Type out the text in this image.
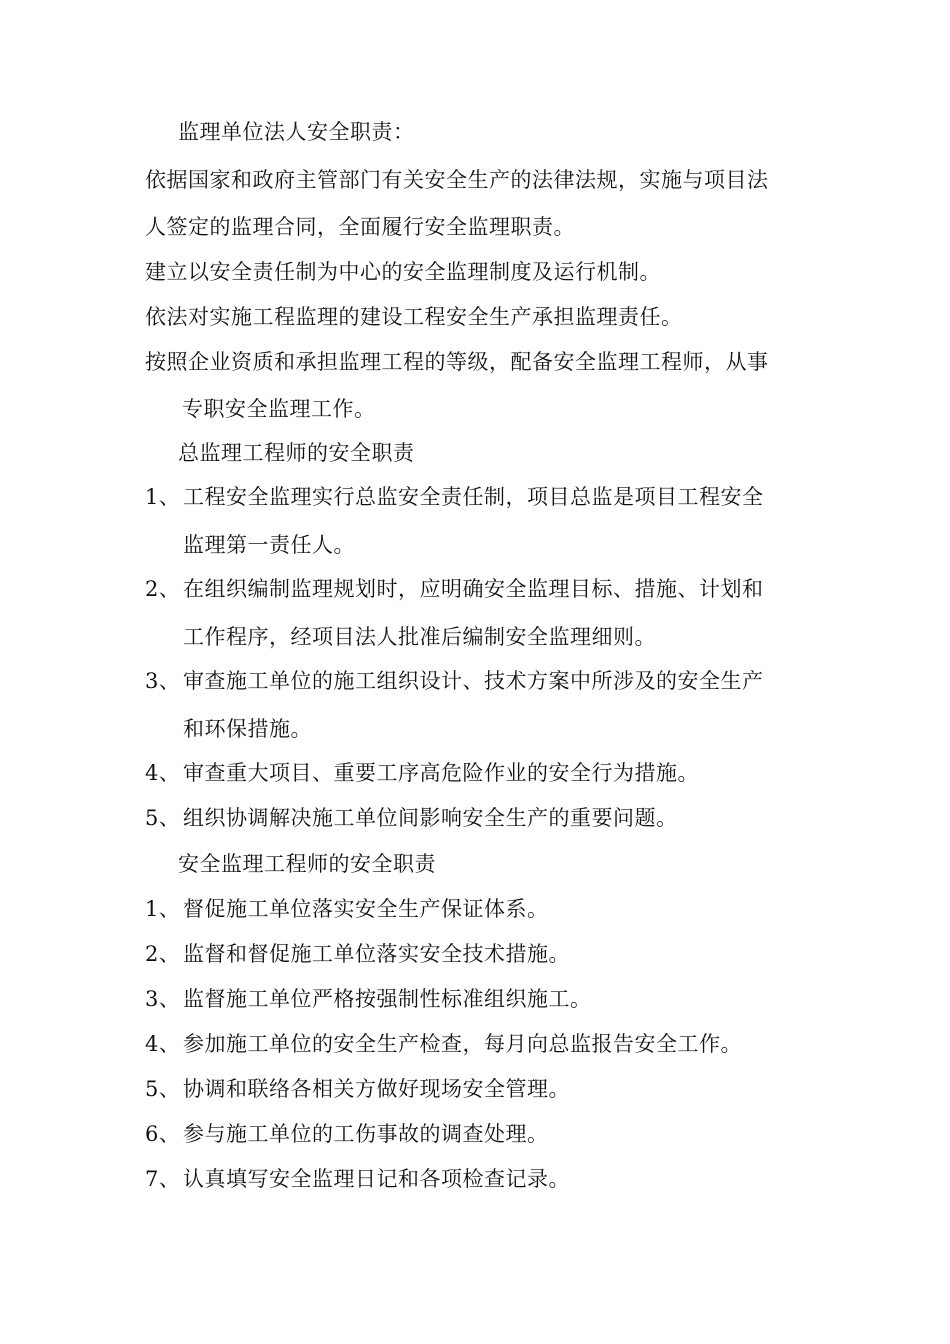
监理单位法人安全职责：
依据国家和政府主管部门有关安全生产的法律法规，实施与项目法
人签定的监理合同，全面履行安全监理职责。
建立以安全责任制为中心的安全监理制度及运行机制。
依法对实施工程监理的建设工程安全生产承担监理责任。
按照企业资质和承担监理工程的等级，配备安全监理工程师，从事
专职安全监理工作。
总监理工程师的安全职责
1、 工程安全监理实行总监安全责任制，项目总监是项目工程安全
监理第一责任人。
2、 在组织编制监理规划时，应明确安全监理目标、措施、计划和
工作程序，经项目法人批准后编制安全监理细则。
3、 审查施工单位的施工组织设计、技术方案中所涉及的安全生产
和环保措施。
4、 审查重大项目、重要工序高危险作业的安全行为措施。
5、 组织协调解决施工单位间影响安全生产的重要问题。
安全监理工程师的安全职责
1、 督促施工单位落实安全生产保证体系。
2、 监督和督促施工单位落实安全技术措施。
3、 监督施工单位严格按强制性标准组织施工。
4、 参加施工单位的安全生产检查，每月向总监报告安全工作。
5、 协调和联络各相关方做好现场安全管理。
6、 参与施工单位的工伤事故的调查处理。
7、 认真填写安全监理日记和各项检查记录。
